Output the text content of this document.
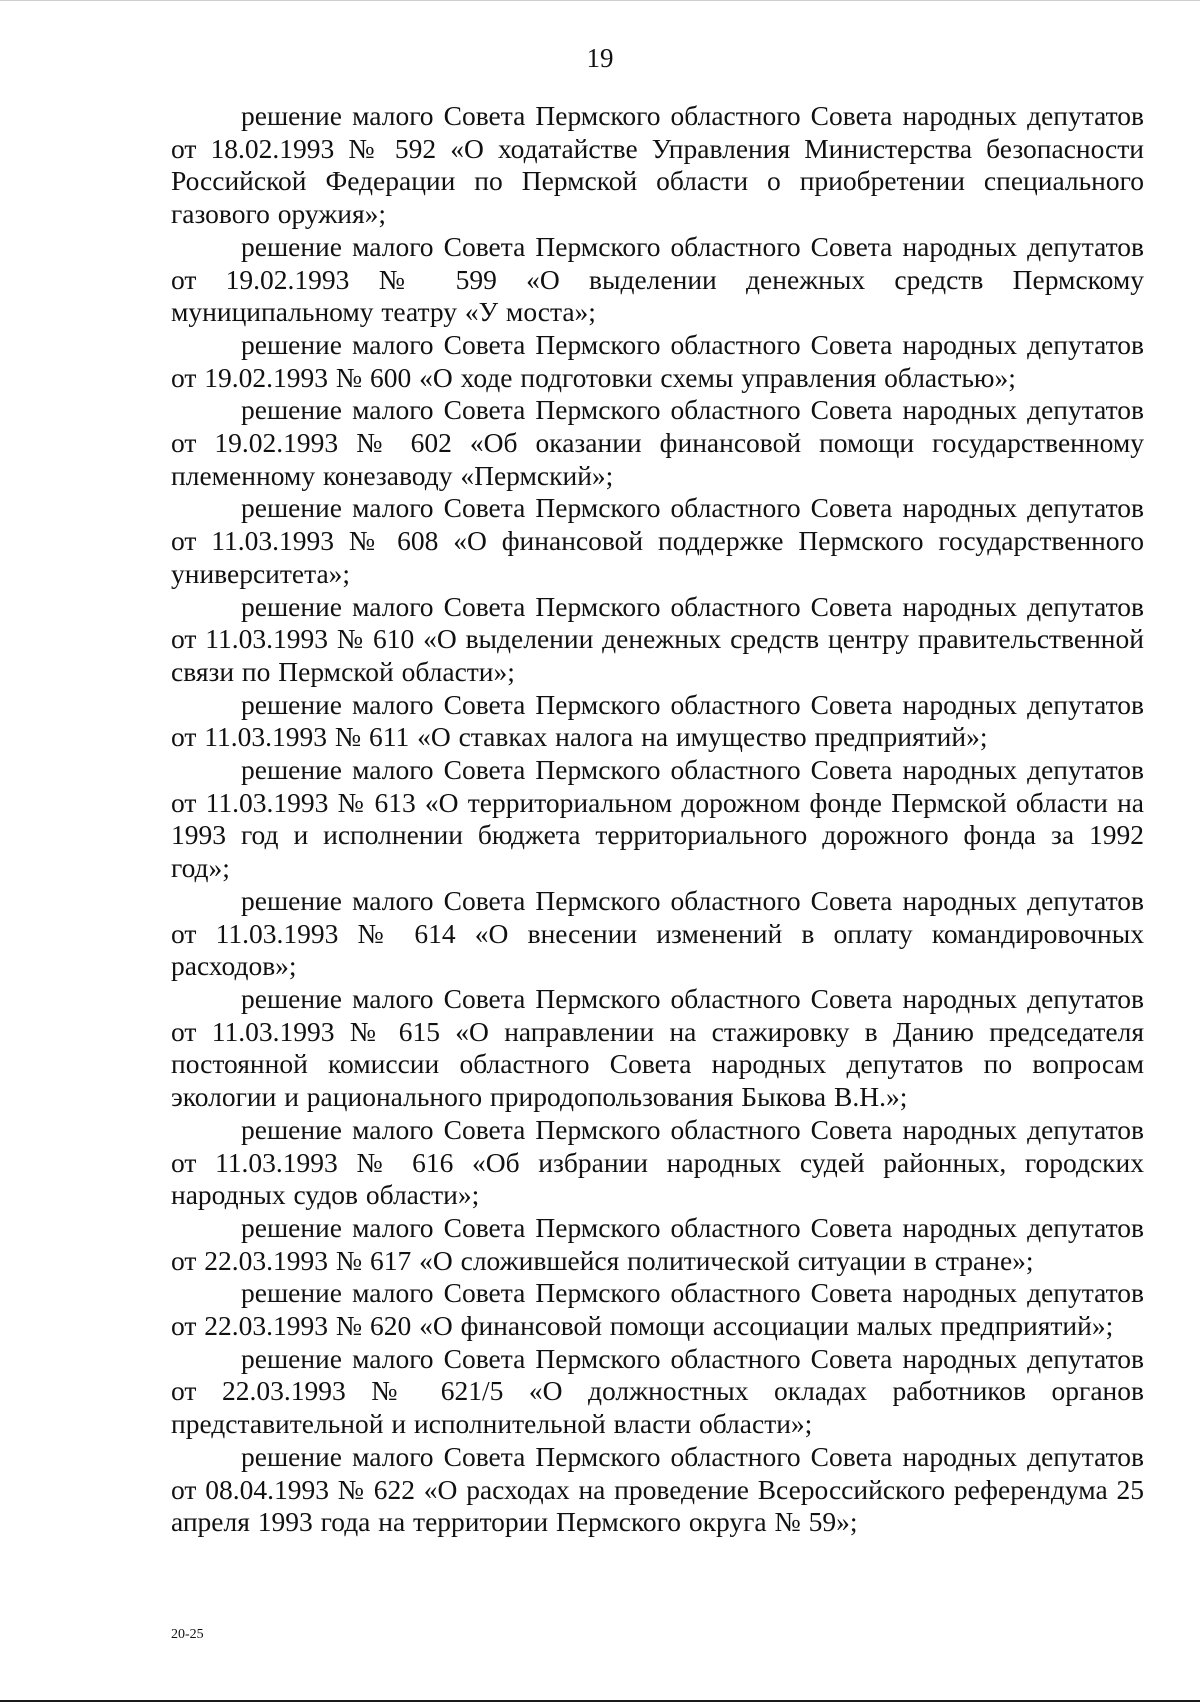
19

решение малого Совета Пермского областного Совета народных депутатов от 18.02.1993 № 592 «О ходатайстве Управления Министерства безопасности Российской Федерации по Пермской области о приобретении специального газового оружия»;

решение малого Совета Пермского областного Совета народных депутатов от 19.02.1993 № 599 «О выделении денежных средств Пермскому муниципальному театру «У моста»;

решение малого Совета Пермского областного Совета народных депутатов от 19.02.1993 № 600 «О ходе подготовки схемы управления областью»;

решение малого Совета Пермского областного Совета народных депутатов от 19.02.1993 № 602 «Об оказании финансовой помощи государственному племенному конезаводу «Пермский»;

решение малого Совета Пермского областного Совета народных депутатов от 11.03.1993 № 608 «О финансовой поддержке Пермского государственного университета»;

решение малого Совета Пермского областного Совета народных депутатов от 11.03.1993 № 610 «О выделении денежных средств центру правительственной связи по Пермской области»;

решение малого Совета Пермского областного Совета народных депутатов от 11.03.1993 № 611 «О ставках налога на имущество предприятий»;

решение малого Совета Пермского областного Совета народных депутатов от 11.03.1993 № 613 «О территориальном дорожном фонде Пермской области на 1993 год и исполнении бюджета территориального дорожного фонда за 1992 год»;

решение малого Совета Пермского областного Совета народных депутатов от 11.03.1993 № 614 «О внесении изменений в оплату командировочных расходов»;

решение малого Совета Пермского областного Совета народных депутатов от 11.03.1993 № 615 «О направлении на стажировку в Данию председателя постоянной комиссии областного Совета народных депутатов по вопросам экологии и рационального природопользования Быкова В.Н.»;

решение малого Совета Пермского областного Совета народных депутатов от 11.03.1993 № 616 «Об избрании народных судей районных, городских народных судов области»;

решение малого Совета Пермского областного Совета народных депутатов от 22.03.1993 № 617 «О сложившейся политической ситуации в стране»;

решение малого Совета Пермского областного Совета народных депутатов от 22.03.1993 № 620 «О финансовой помощи ассоциации малых предприятий»;

решение малого Совета Пермского областного Совета народных депутатов от 22.03.1993 № 621/5 «О должностных окладах работников органов представительной и исполнительной власти области»;

решение малого Совета Пермского областного Совета народных депутатов от 08.04.1993 № 622 «О расходах на проведение Всероссийского референдума 25 апреля 1993 года на территории Пермского округа № 59»;

20-25
